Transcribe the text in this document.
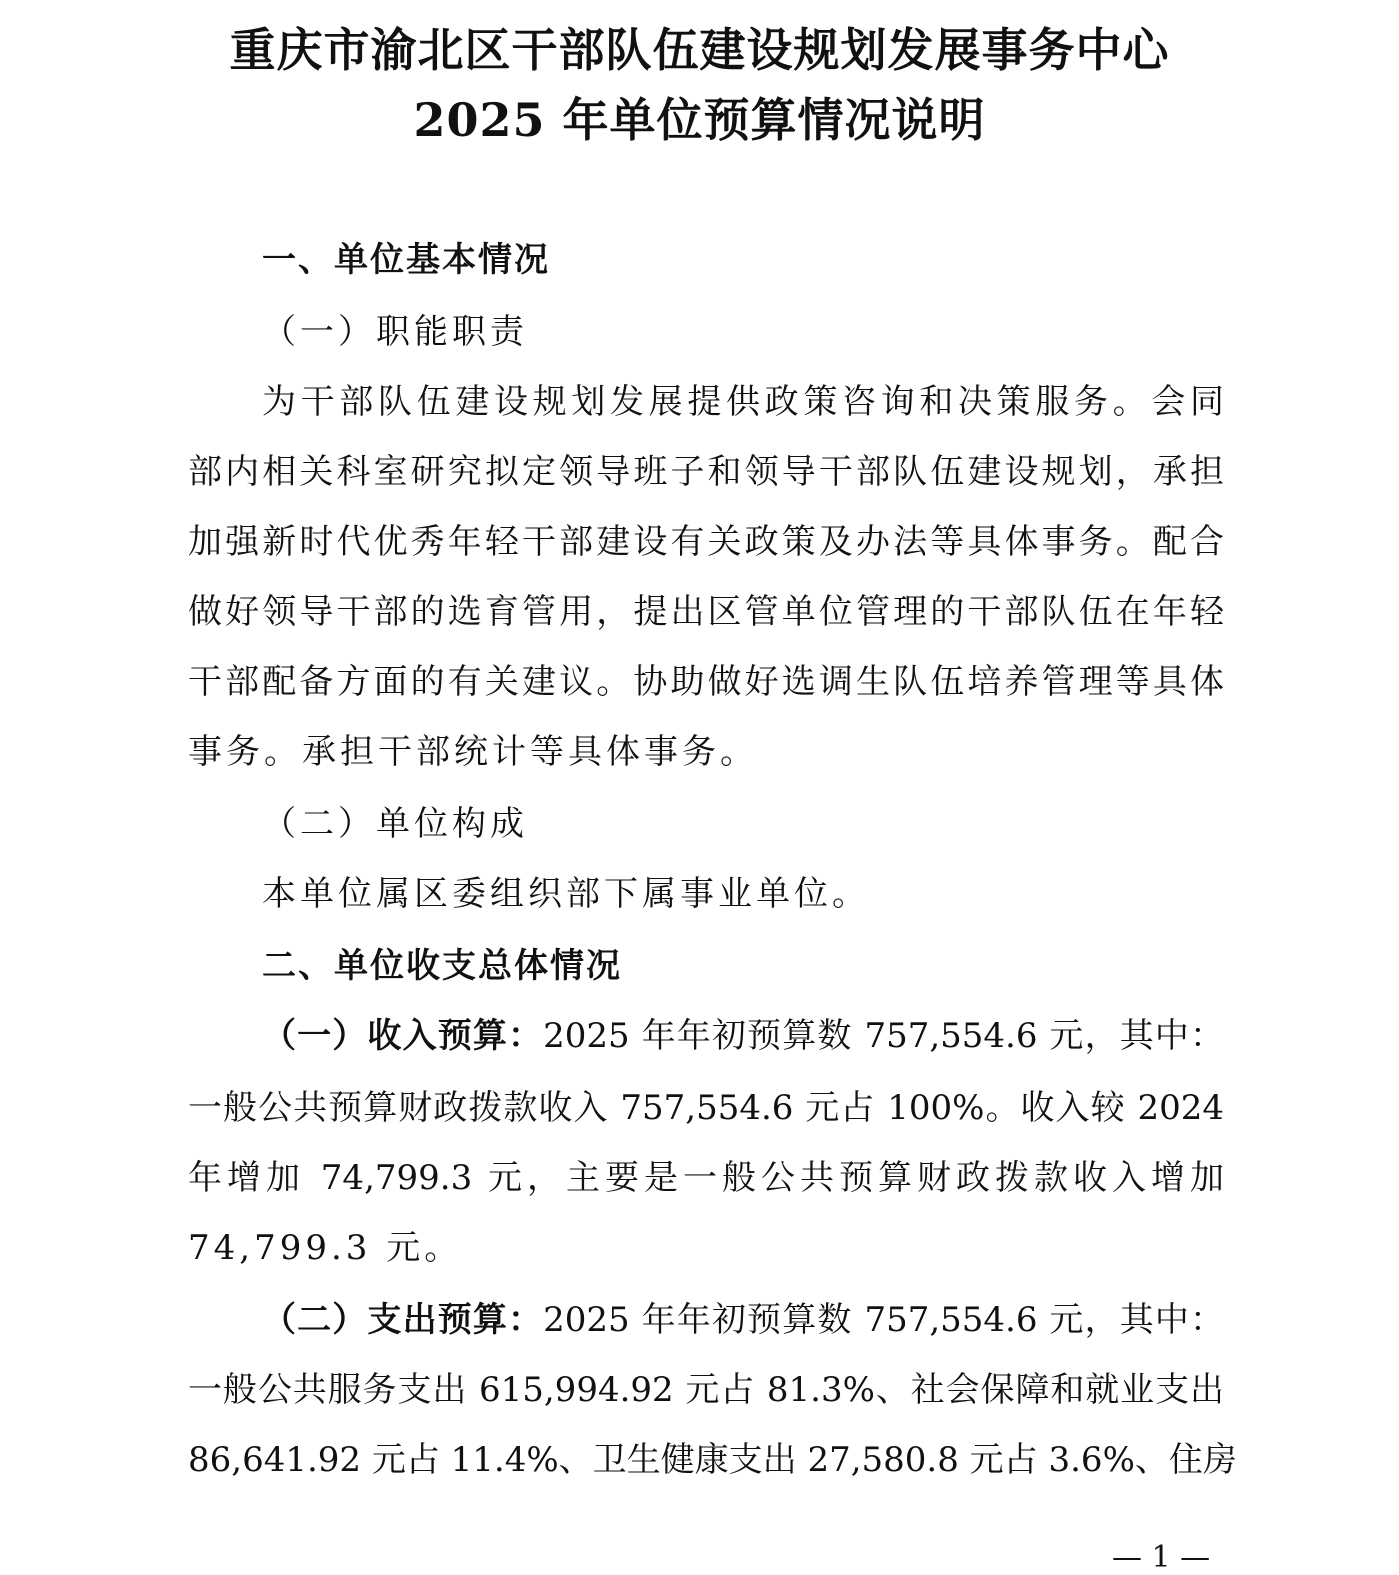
重庆市渝北区干部队伍建设规划发展事务中心
2025 年单位预算情况说明
一、单位基本情况
（一）职能职责
为干部队伍建设规划发展提供政策咨询和决策服务。会同
部内相关科室研究拟定领导班子和领导干部队伍建设规划，承担
加强新时代优秀年轻干部建设有关政策及办法等具体事务。配合
做好领导干部的选育管用，提出区管单位管理的干部队伍在年轻
干部配备方面的有关建议。协助做好选调生队伍培养管理等具体
事务。承担干部统计等具体事务。
（二）单位构成
本单位属区委组织部下属事业单位。
二、单位收支总体情况
（一）收入预算：2025 年年初预算数 757,554.6 元，其中：
一般公共预算财政拨款收入 757,554.6 元占 100%。收入较 2024
年增加 74,799.3 元，主要是一般公共预算财政拨款收入增加
74,799.3 元。
（二）支出预算：2025 年年初预算数 757,554.6 元，其中：
一般公共服务支出 615,994.92 元占 81.3%、社会保障和就业支出
86,641.92 元占 11.4%、卫生健康支出 27,580.8 元占 3.6%、住房
— 1 —
